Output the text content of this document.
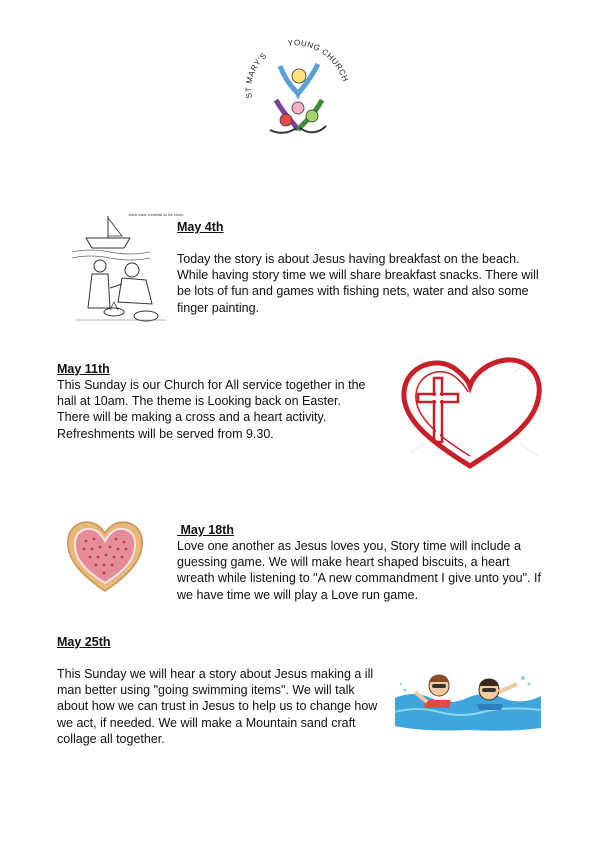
ST MARY'S
YOUNG CHURCH
Jesus made breakfast on the beach
May 4th
Today the story is about Jesus having breakfast on the beach. While having story time we will share breakfast snacks. There will be lots of fun and games with fishing nets, water and also some finger painting.
May 11th
This Sunday is our Church for All service together in the hall at 10am. The theme is Looking back on Easter. There will be making a cross and a heart activity. Refreshments will be served from 9.30.
May 18th
Love one another as Jesus loves you, Story time will include a guessing game. We will make heart shaped biscuits, a heart wreath while listening to "A new commandment I give unto you". If we have time we will play a Love run game.
May 25th
This Sunday we will hear a story about Jesus making a ill man better using "going swimming items". We will talk about how we can trust in Jesus to help us to change how we act, if needed. We will make a Mountain sand craft collage all together.
